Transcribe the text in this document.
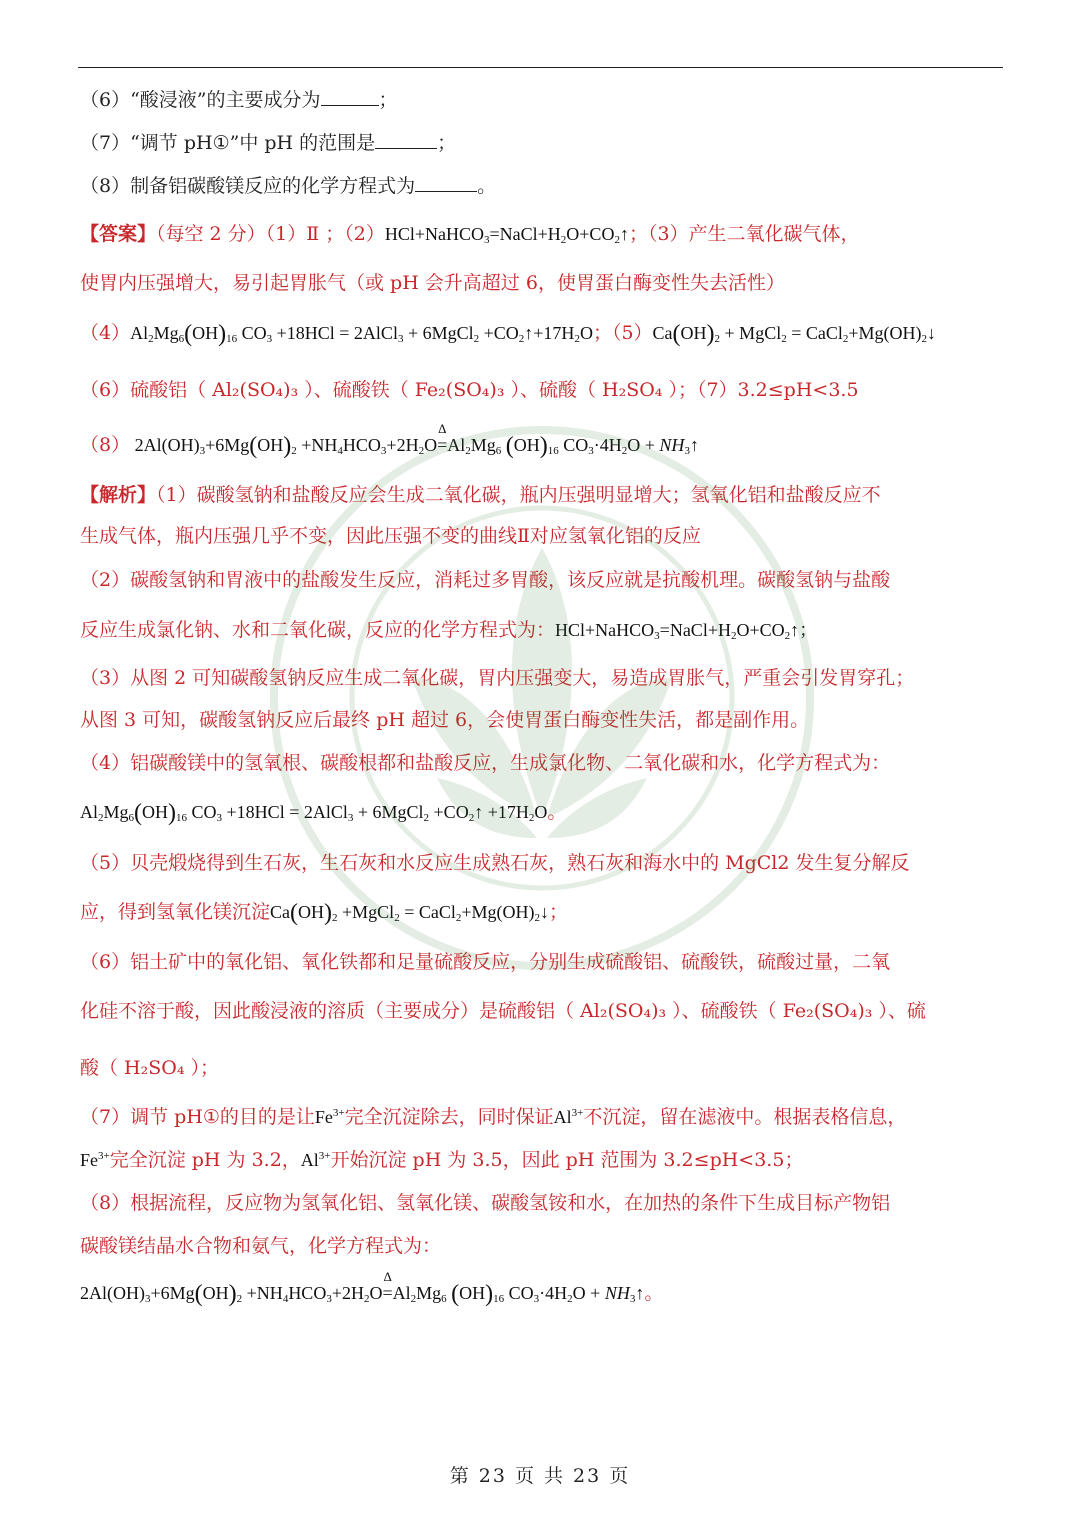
（6）“酸浸液”的主要成分为	；
（7）“调节 pH①”中 pH 的范围是	；
（8）制备铝碳酸镁反应的化学方程式为	。
【答案】（每空 2 分）（1）Ⅱ ；$(2)HCl+NaHCO_3=NaCl+H_2O+CO_2↑$；（3）产生二氧化碳气体，
使胃内压强增大，易引起胃胀气（或 pH 会升高超过 6，使胃蛋白酶变性失去活性）
$(4)Al_2Mg_6(OH)_{16}$ $CO_3 +18HCl$ = 2AlCl$_3$ + 6MgCl$_2$ $+CO_2↑+17H_2O$；$(5)Ca(OH)_2$ + MgCl$_2$ = $CaCl_2+Mg(OH)_2↓$
（6）硫酸铝（ Al₂(SO₄)₃ ）、硫酸铁（ Fe₂(SO₄)₃ ）、硫酸（ H₂SO₄ ）；（7）3.2≤pH<3.5
（8） $2Al(OH)_3+6Mg(OH)_2 +NH_4HCO_3+2H_2O=$
Δ
$Al_2Mg_6$ $(OH)_{16}$ $CO_3\cdot 4H_2O$ + $NH_3↑$
【解析】（1）碳酸氢钠和盐酸反应会生成二氧化碳，瓶内压强明显增大；氢氧化铝和盐酸反应不
生成气体，瓶内压强几乎不变，因此压强不变的曲线Ⅱ对应氢氧化铝的反应
（2）碳酸氢钠和胃液中的盐酸发生反应，消耗过多胃酸，该反应就是抗酸机理。碳酸氢钠与盐酸
反应生成氯化钠、水和二氧化碳，反应的化学方程式为：$HCl+NaHCO_3=NaCl+H_2O+CO_2↑$；
（3）从图 2 可知碳酸氢钠反应生成二氧化碳，胃内压强变大，易造成胃胀气，严重会引发胃穿孔；
从图 3 可知，碳酸氢钠反应后最终 pH 超过 6，会使胃蛋白酶变性失活，都是副作用。
（4）铝碳酸镁中的氢氧根、碳酸根都和盐酸反应，生成氯化物、二氧化碳和水，化学方程式为：
$Al_2Mg_6(OH)_{16}$ $CO_3 +18HCl$ = 2AlCl$_3$ + 6MgCl$_2$ $+CO_2↑ +17H_2O$。
（5）贝壳煅烧得到生石灰，生石灰和水反应生成熟石灰，熟石灰和海水中的 MgCl2 发生复分解反
应，得到氢氧化镁沉淀$Ca(OH)_2$ +MgCl$_2$ = $CaCl_2+Mg(OH)_2↓$；
（6）铝土矿中的氧化铝、氧化铁都和足量硫酸反应，分别生成硫酸铝、硫酸铁，硫酸过量，二氧
化硅不溶于酸，因此酸浸液的溶质（主要成分）是硫酸铝（ Al₂(SO₄)₃ ）、硫酸铁（ Fe₂(SO₄)₃ ）、硫
酸（ H₂SO₄ ）；
（7）调节 pH①的目的是让$Fe^{3+}$完全沉淀除去，同时保证$Al^{3+}$不沉淀，留在滤液中。根据表格信息，
$Fe^{3+}$完全沉淀 pH 为 3.2，$Al^{3+}$开始沉淀 pH 为 3.5，因此 pH 范围为 3.2≤pH<3.5；
（8）根据流程，反应物为氢氧化铝、氢氧化镁、碳酸氢铵和水，在加热的条件下生成目标产物铝
碳酸镁结晶水合物和氨气，化学方程式为：
$2Al(OH)_3+6Mg(OH)_2 +NH_4HCO_3+2H_2O=$
Δ
$Al_2Mg_6$ $(OH)_{16}$ $CO_3\cdot 4H_2O$ + $NH_3↑$。
第 23 页 共 23 页
